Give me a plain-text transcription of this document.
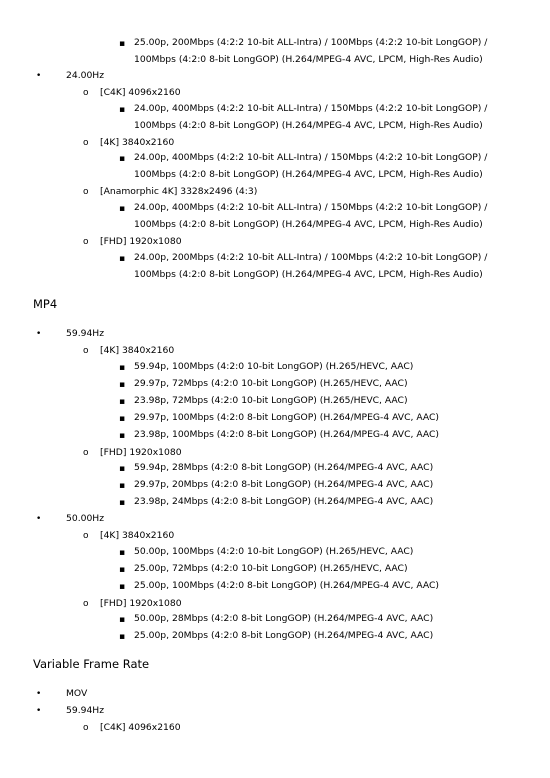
▪ 25.00p, 200Mbps (4:2:2 10-bit ALL-Intra) / 100Mbps (4:2:2 10-bit LongGOP) /
100Mbps (4:2:0 8-bit LongGOP) (H.264/MPEG-4 AVC, LPCM, High-Res Audio)
•	24.00Hz
o [C4K] 4096x2160
▪ 24.00p, 400Mbps (4:2:2 10-bit ALL-Intra) / 150Mbps (4:2:2 10-bit LongGOP) /
100Mbps (4:2:0 8-bit LongGOP) (H.264/MPEG-4 AVC, LPCM, High-Res Audio)
o [4K] 3840x2160
▪ 24.00p, 400Mbps (4:2:2 10-bit ALL-Intra) / 150Mbps (4:2:2 10-bit LongGOP) /
100Mbps (4:2:0 8-bit LongGOP) (H.264/MPEG-4 AVC, LPCM, High-Res Audio)
o [Anamorphic 4K] 3328x2496 (4:3)
▪ 24.00p, 400Mbps (4:2:2 10-bit ALL-Intra) / 150Mbps (4:2:2 10-bit LongGOP) /
100Mbps (4:2:0 8-bit LongGOP) (H.264/MPEG-4 AVC, LPCM, High-Res Audio)
o [FHD] 1920x1080
▪ 24.00p, 200Mbps (4:2:2 10-bit ALL-Intra) / 100Mbps (4:2:2 10-bit LongGOP) /
100Mbps (4:2:0 8-bit LongGOP) (H.264/MPEG-4 AVC, LPCM, High-Res Audio)
MP4
•	59.94Hz
o [4K] 3840x2160
▪ 59.94p, 100Mbps (4:2:0 10-bit LongGOP) (H.265/HEVC, AAC)
▪ 29.97p, 72Mbps (4:2:0 10-bit LongGOP) (H.265/HEVC, AAC)
▪ 23.98p, 72Mbps (4:2:0 10-bit LongGOP) (H.265/HEVC, AAC)
▪ 29.97p, 100Mbps (4:2:0 8-bit LongGOP) (H.264/MPEG-4 AVC, AAC)
▪ 23.98p, 100Mbps (4:2:0 8-bit LongGOP) (H.264/MPEG-4 AVC, AAC)
o [FHD] 1920x1080
▪ 59.94p, 28Mbps (4:2:0 8-bit LongGOP) (H.264/MPEG-4 AVC, AAC)
▪ 29.97p, 20Mbps (4:2:0 8-bit LongGOP) (H.264/MPEG-4 AVC, AAC)
▪ 23.98p, 24Mbps (4:2:0 8-bit LongGOP) (H.264/MPEG-4 AVC, AAC)
•	50.00Hz
o [4K] 3840x2160
▪ 50.00p, 100Mbps (4:2:0 10-bit LongGOP) (H.265/HEVC, AAC)
▪ 25.00p, 72Mbps (4:2:0 10-bit LongGOP) (H.265/HEVC, AAC)
▪ 25.00p, 100Mbps (4:2:0 8-bit LongGOP) (H.264/MPEG-4 AVC, AAC)
o [FHD] 1920x1080
▪ 50.00p, 28Mbps (4:2:0 8-bit LongGOP) (H.264/MPEG-4 AVC, AAC)
▪ 25.00p, 20Mbps (4:2:0 8-bit LongGOP) (H.264/MPEG-4 AVC, AAC)
Variable Frame Rate
•	MOV
•	59.94Hz
o [C4K] 4096x2160
